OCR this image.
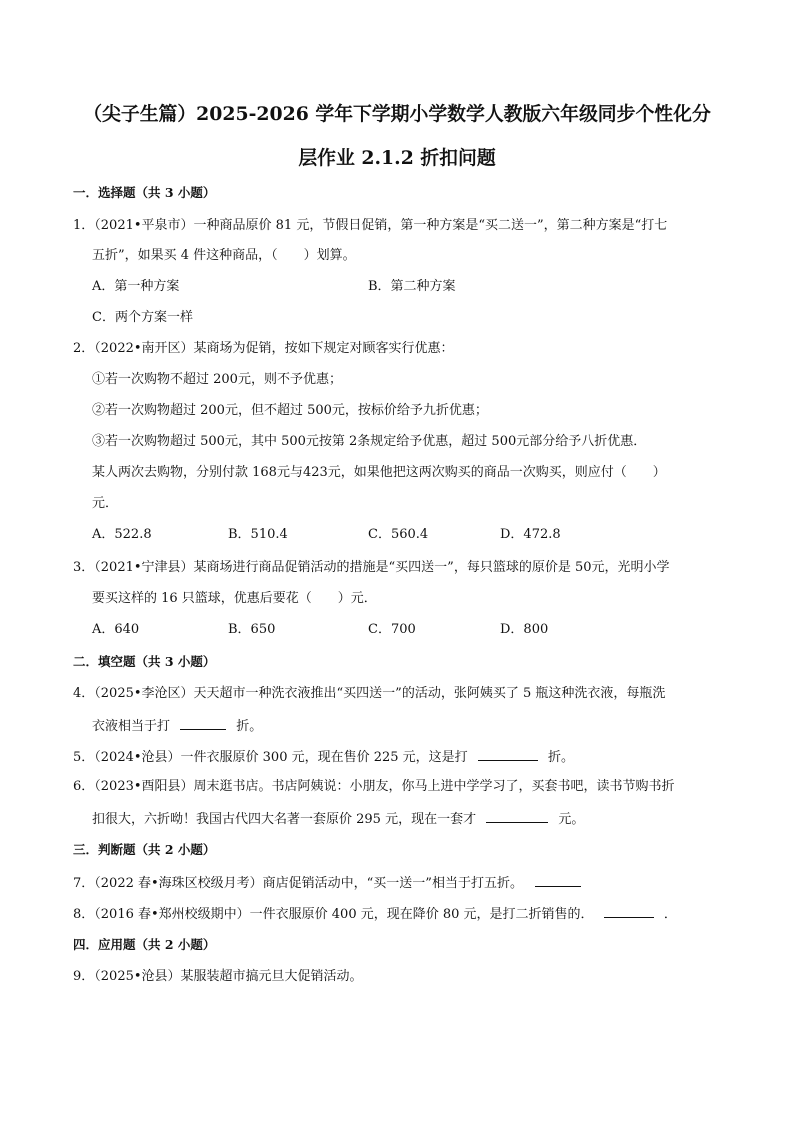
（尖子生篇）2025-2026 学年下学期小学数学人教版六年级同步个性化分
层作业 2.1.2 折扣问题
一．选择题（共 3 小题）
1．（2021•平泉市）一种商品原价 81 元，节假日促销，第一种方案是“买二送一”，第二种方案是“打七
五折”，如果买 4 件这种商品，（　　）划算。
A．第一种方案	B．第二种方案
C．两个方案一样
2．（2022•南开区）某商场为促销，按如下规定对顾客实行优惠：
①若一次购物不超过 200元，则不予优惠；
②若一次购物超过 200元，但不超过 500元，按标价给予九折优惠；
③若一次购物超过 500元，其中 500元按第 2条规定给予优惠，超过 500元部分给予八折优惠．
某人两次去购物，分别付款 168元与423元，如果他把这两次购买的商品一次购买，则应付（　　）
元．
A．522.8	B．510.4	C．560.4	D．472.8
3．（2021•宁津县）某商场进行商品促销活动的措施是“买四送一”，每只篮球的原价是 50元，光明小学
要买这样的 16 只篮球，优惠后要花（　　）元．
A．640	B．650	C．700	D．800
二．填空题（共 3 小题）
4．（2025•李沧区）天天超市一种洗衣液推出“买四送一”的活动，张阿姨买了 5 瓶这种洗衣液，每瓶洗
衣液相当于打	折。
5．（2024•沧县）一件衣服原价 300 元，现在售价 225 元，这是打	折。
6．（2023•酉阳县）周末逛书店。书店阿姨说：小朋友，你马上进中学学习了，买套书吧，读书节购书折
扣很大，六折呦！我国古代四大名著一套原价 295 元，现在一套才	元。
三．判断题（共 2 小题）
7．（2022 春•海珠区校级月考）商店促销活动中，“买一送一”相当于打五折。
8．（2016 春•郑州校级期中）一件衣服原价 400 元，现在降价 80 元，是打二折销售的．	．
四．应用题（共 2 小题）
9．（2025•沧县）某服装超市搞元旦大促销活动。
